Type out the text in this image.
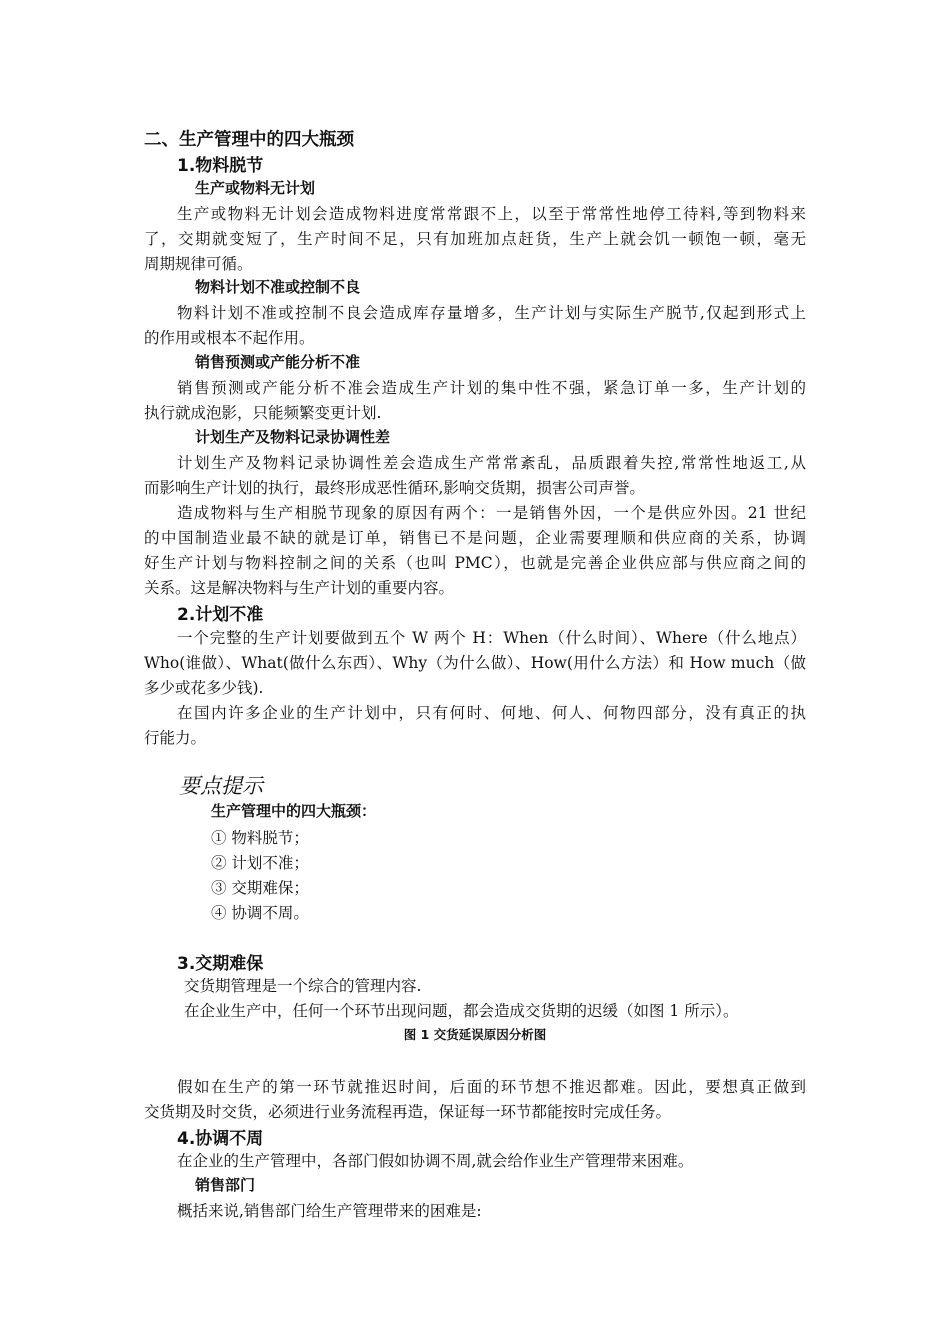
二、生产管理中的四大瓶颈
1.物料脱节
生产或物料无计划
生产或物料无计划会造成物料进度常常跟不上，以至于常常性地停工待料,等到物料来
了，交期就变短了，生产时间不足，只有加班加点赶货，生产上就会饥一顿饱一顿，毫无
周期规律可循。
物料计划不准或控制不良
物料计划不准或控制不良会造成库存量增多，生产计划与实际生产脱节,仅起到形式上
的作用或根本不起作用。
销售预测或产能分析不准
销售预测或产能分析不准会造成生产计划的集中性不强，紧急订单一多，生产计划的
执行就成泡影，只能频繁变更计划.
计划生产及物料记录协调性差
计划生产及物料记录协调性差会造成生产常常紊乱，品质跟着失控,常常性地返工,从
而影响生产计划的执行，最终形成恶性循环,影响交货期，损害公司声誉。
造成物料与生产相脱节现象的原因有两个：一是销售外因，一个是供应外因。21 世纪
的中国制造业最不缺的就是订单，销售已不是问题，企业需要理顺和供应商的关系，协调
好生产计划与物料控制之间的关系（也叫 PMC），也就是完善企业供应部与供应商之间的
关系。这是解决物料与生产计划的重要内容。
2.计划不准
一个完整的生产计划要做到五个 W 两个 H：When（什么时间）、Where（什么地点）
Who(谁做）、What(做什么东西）、Why（为什么做）、How(用什么方法）和 How much（做
多少或花多少钱).
在国内许多企业的生产计划中，只有何时、何地、何人、何物四部分，没有真正的执
行能力。
要点提示
生产管理中的四大瓶颈：
① 物料脱节；
② 计划不准；
③ 交期难保；
④ 协调不周。
3.交期难保
交货期管理是一个综合的管理内容.
在企业生产中，任何一个环节出现问题，都会造成交货期的迟缓（如图 1 所示）。
图 1 交货延误原因分析图
假如在生产的第一环节就推迟时间，后面的环节想不推迟都难。因此，要想真正做到
交货期及时交货，必须进行业务流程再造，保证每一环节都能按时完成任务。
4.协调不周
在企业的生产管理中，各部门假如协调不周,就会给作业生产管理带来困难。
销售部门
概括来说,销售部门给生产管理带来的困难是:
